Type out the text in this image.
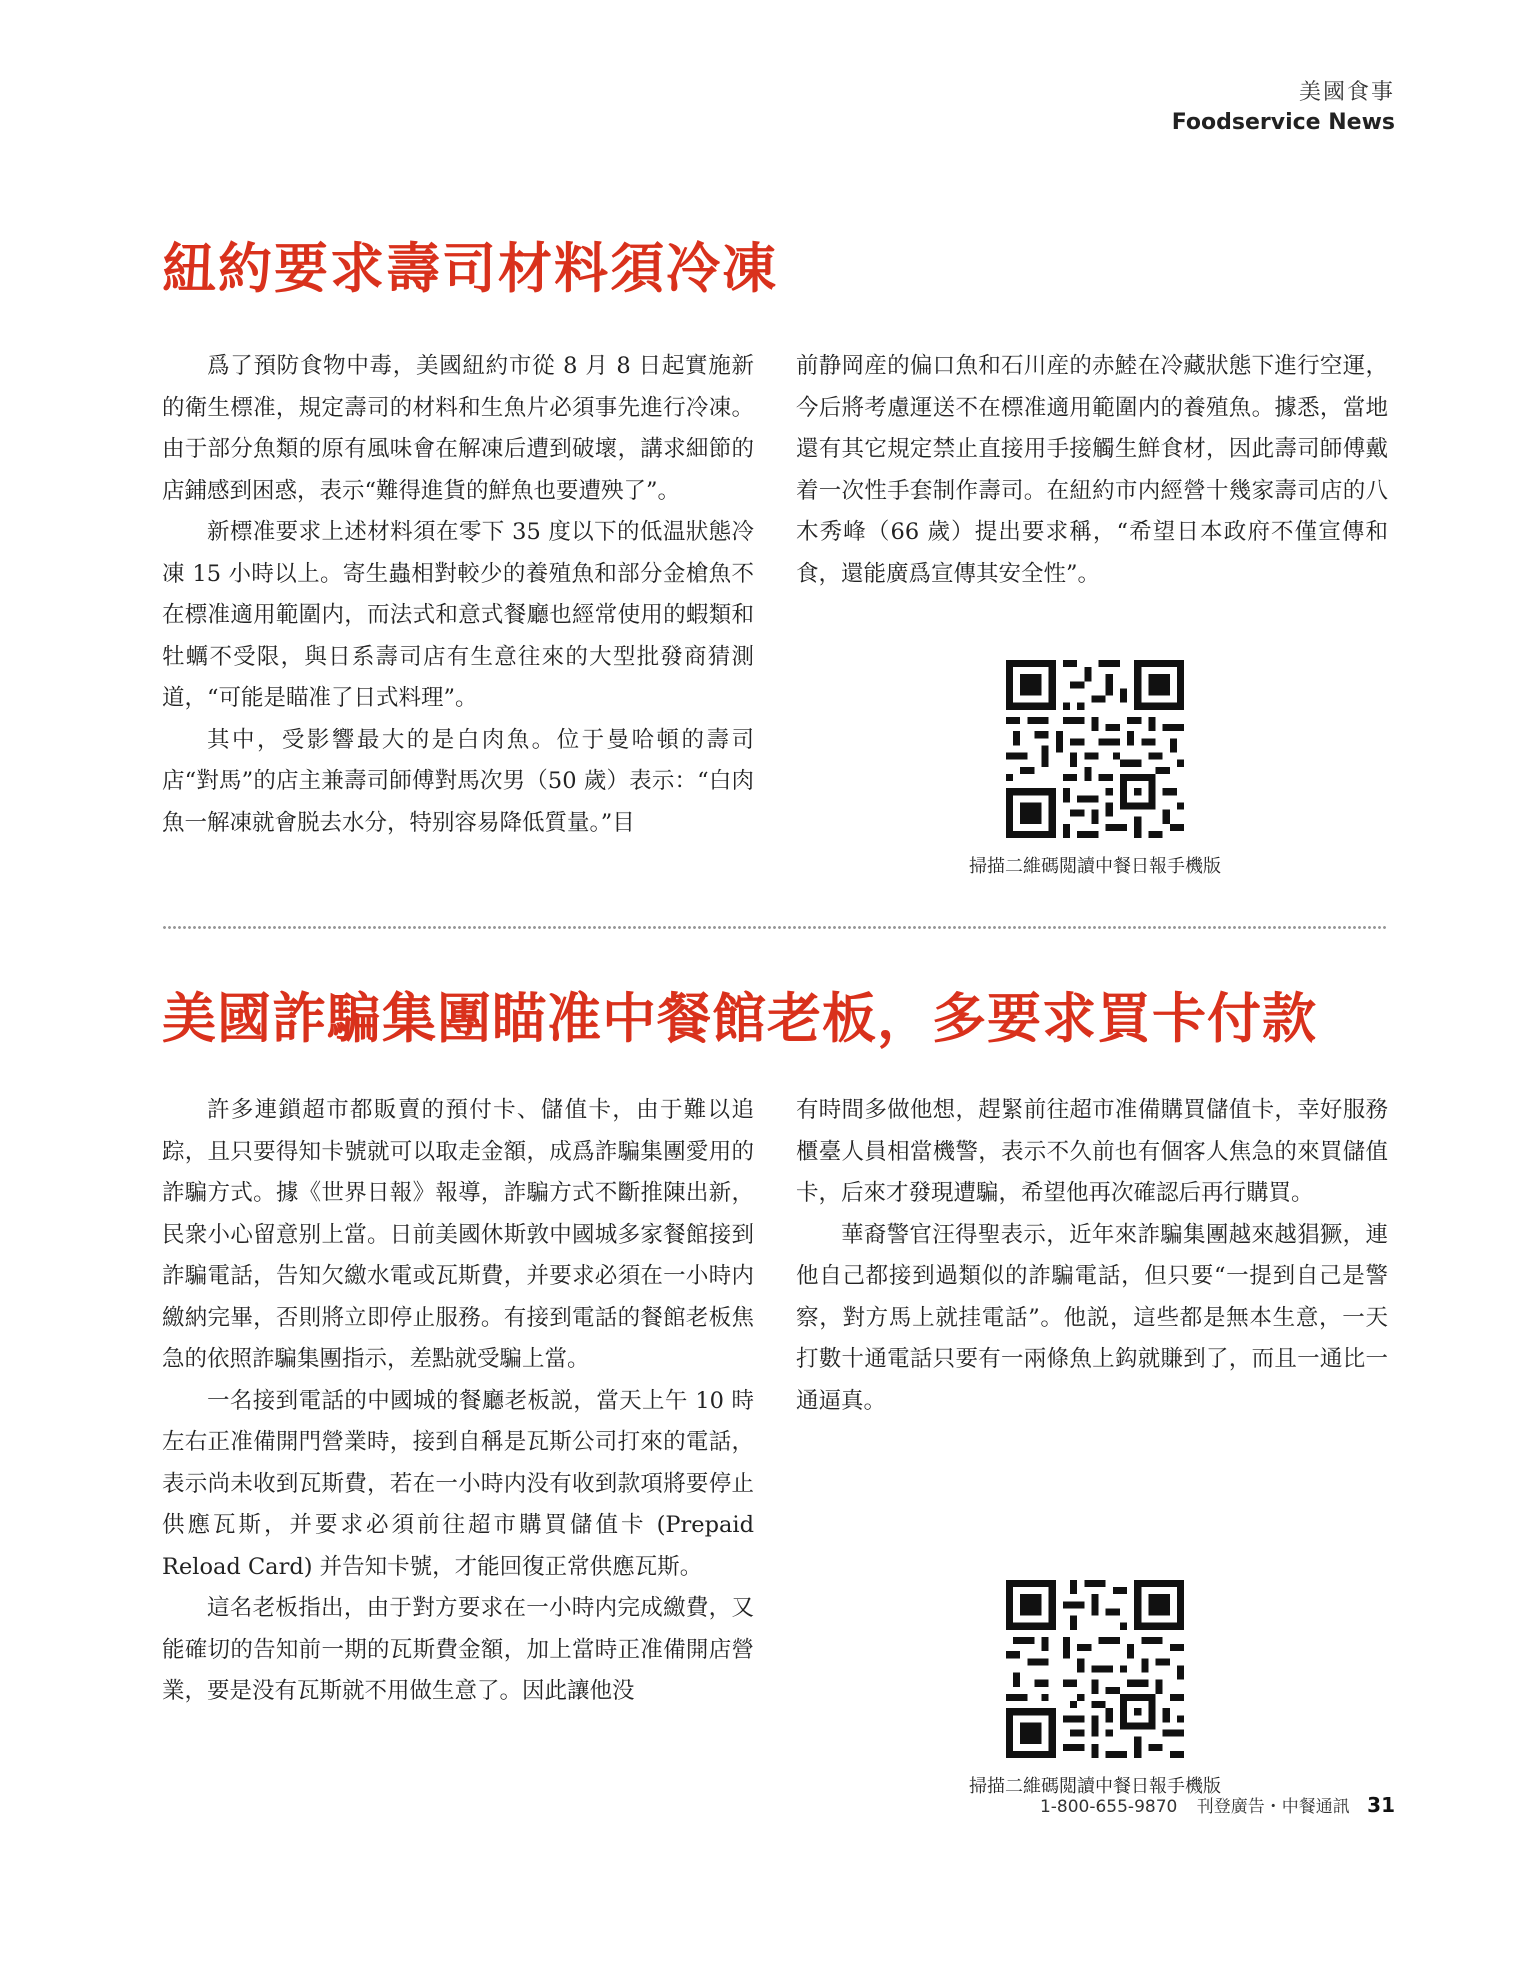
美國食事
Foodservice News
紐約要求壽司材料須冷凍

爲了預防食物中毒，美國紐約市從 8 月 8 日起實施新的衛生標准，規定壽司的材料和生魚片必須事先進行冷凍。由于部分魚類的原有風味會在解凍后遭到破壞，講求細節的店鋪感到困惑，表示“難得進貨的鮮魚也要遭殃了”。

新標准要求上述材料須在零下 35 度以下的低温狀態冷凍 15 小時以上。寄生蟲相對較少的養殖魚和部分金槍魚不在標准適用範圍内，而法式和意式餐廳也經常使用的蝦類和牡蠣不受限，與日系壽司店有生意往來的大型批發商猜測道，“可能是瞄准了日式料理”。

其中，受影響最大的是白肉魚。位于曼哈頓的壽司店“對馬”的店主兼壽司師傅對馬次男（50 歲）表示：“白肉魚一解凍就會脱去水分，特别容易降低質量。”目

前静岡産的偏口魚和石川産的赤鯥在冷藏狀態下進行空運，今后將考慮運送不在標准適用範圍内的養殖魚。據悉，當地還有其它規定禁止直接用手接觸生鮮食材，因此壽司師傅戴着一次性手套制作壽司。在紐約市内經營十幾家壽司店的八木秀峰（66 歲）提出要求稱，“希望日本政府不僅宣傳和食，還能廣爲宣傳其安全性”。

掃描二維碼閲讀中餐日報手機版
美國詐騙集團瞄准中餐館老板，多要求買卡付款

許多連鎖超市都販賣的預付卡、儲值卡，由于難以追踪，且只要得知卡號就可以取走金額，成爲詐騙集團愛用的詐騙方式。據《世界日報》報導，詐騙方式不斷推陳出新，民衆小心留意别上當。日前美國休斯敦中國城多家餐館接到詐騙電話，告知欠繳水電或瓦斯費，并要求必須在一小時内繳納完畢，否則將立即停止服務。有接到電話的餐館老板焦急的依照詐騙集團指示，差點就受騙上當。

一名接到電話的中國城的餐廳老板説，當天上午 10 時左右正准備開門營業時，接到自稱是瓦斯公司打來的電話，表示尚未收到瓦斯費，若在一小時内没有收到款項將要停止供應瓦斯，并要求必須前往超市購買儲值卡 (Prepaid Reload Card) 并告知卡號，才能回復正常供應瓦斯。

這名老板指出，由于對方要求在一小時内完成繳費，又能確切的告知前一期的瓦斯費金額，加上當時正准備開店營業，要是没有瓦斯就不用做生意了。因此讓他没

有時間多做他想，趕緊前往超市准備購買儲值卡，幸好服務櫃臺人員相當機警，表示不久前也有個客人焦急的來買儲值卡，后來才發現遭騙，希望他再次確認后再行購買。

華裔警官汪得聖表示，近年來詐騙集團越來越猖獗，連他自己都接到過類似的詐騙電話，但只要“一提到自己是警察，對方馬上就挂電話”。他説，這些都是無本生意，一天打數十通電話只要有一兩條魚上鈎就賺到了，而且一通比一通逼真。

掃描二維碼閲讀中餐日報手機版
1-800-655-9870 刊登廣告・中餐通訊 31
